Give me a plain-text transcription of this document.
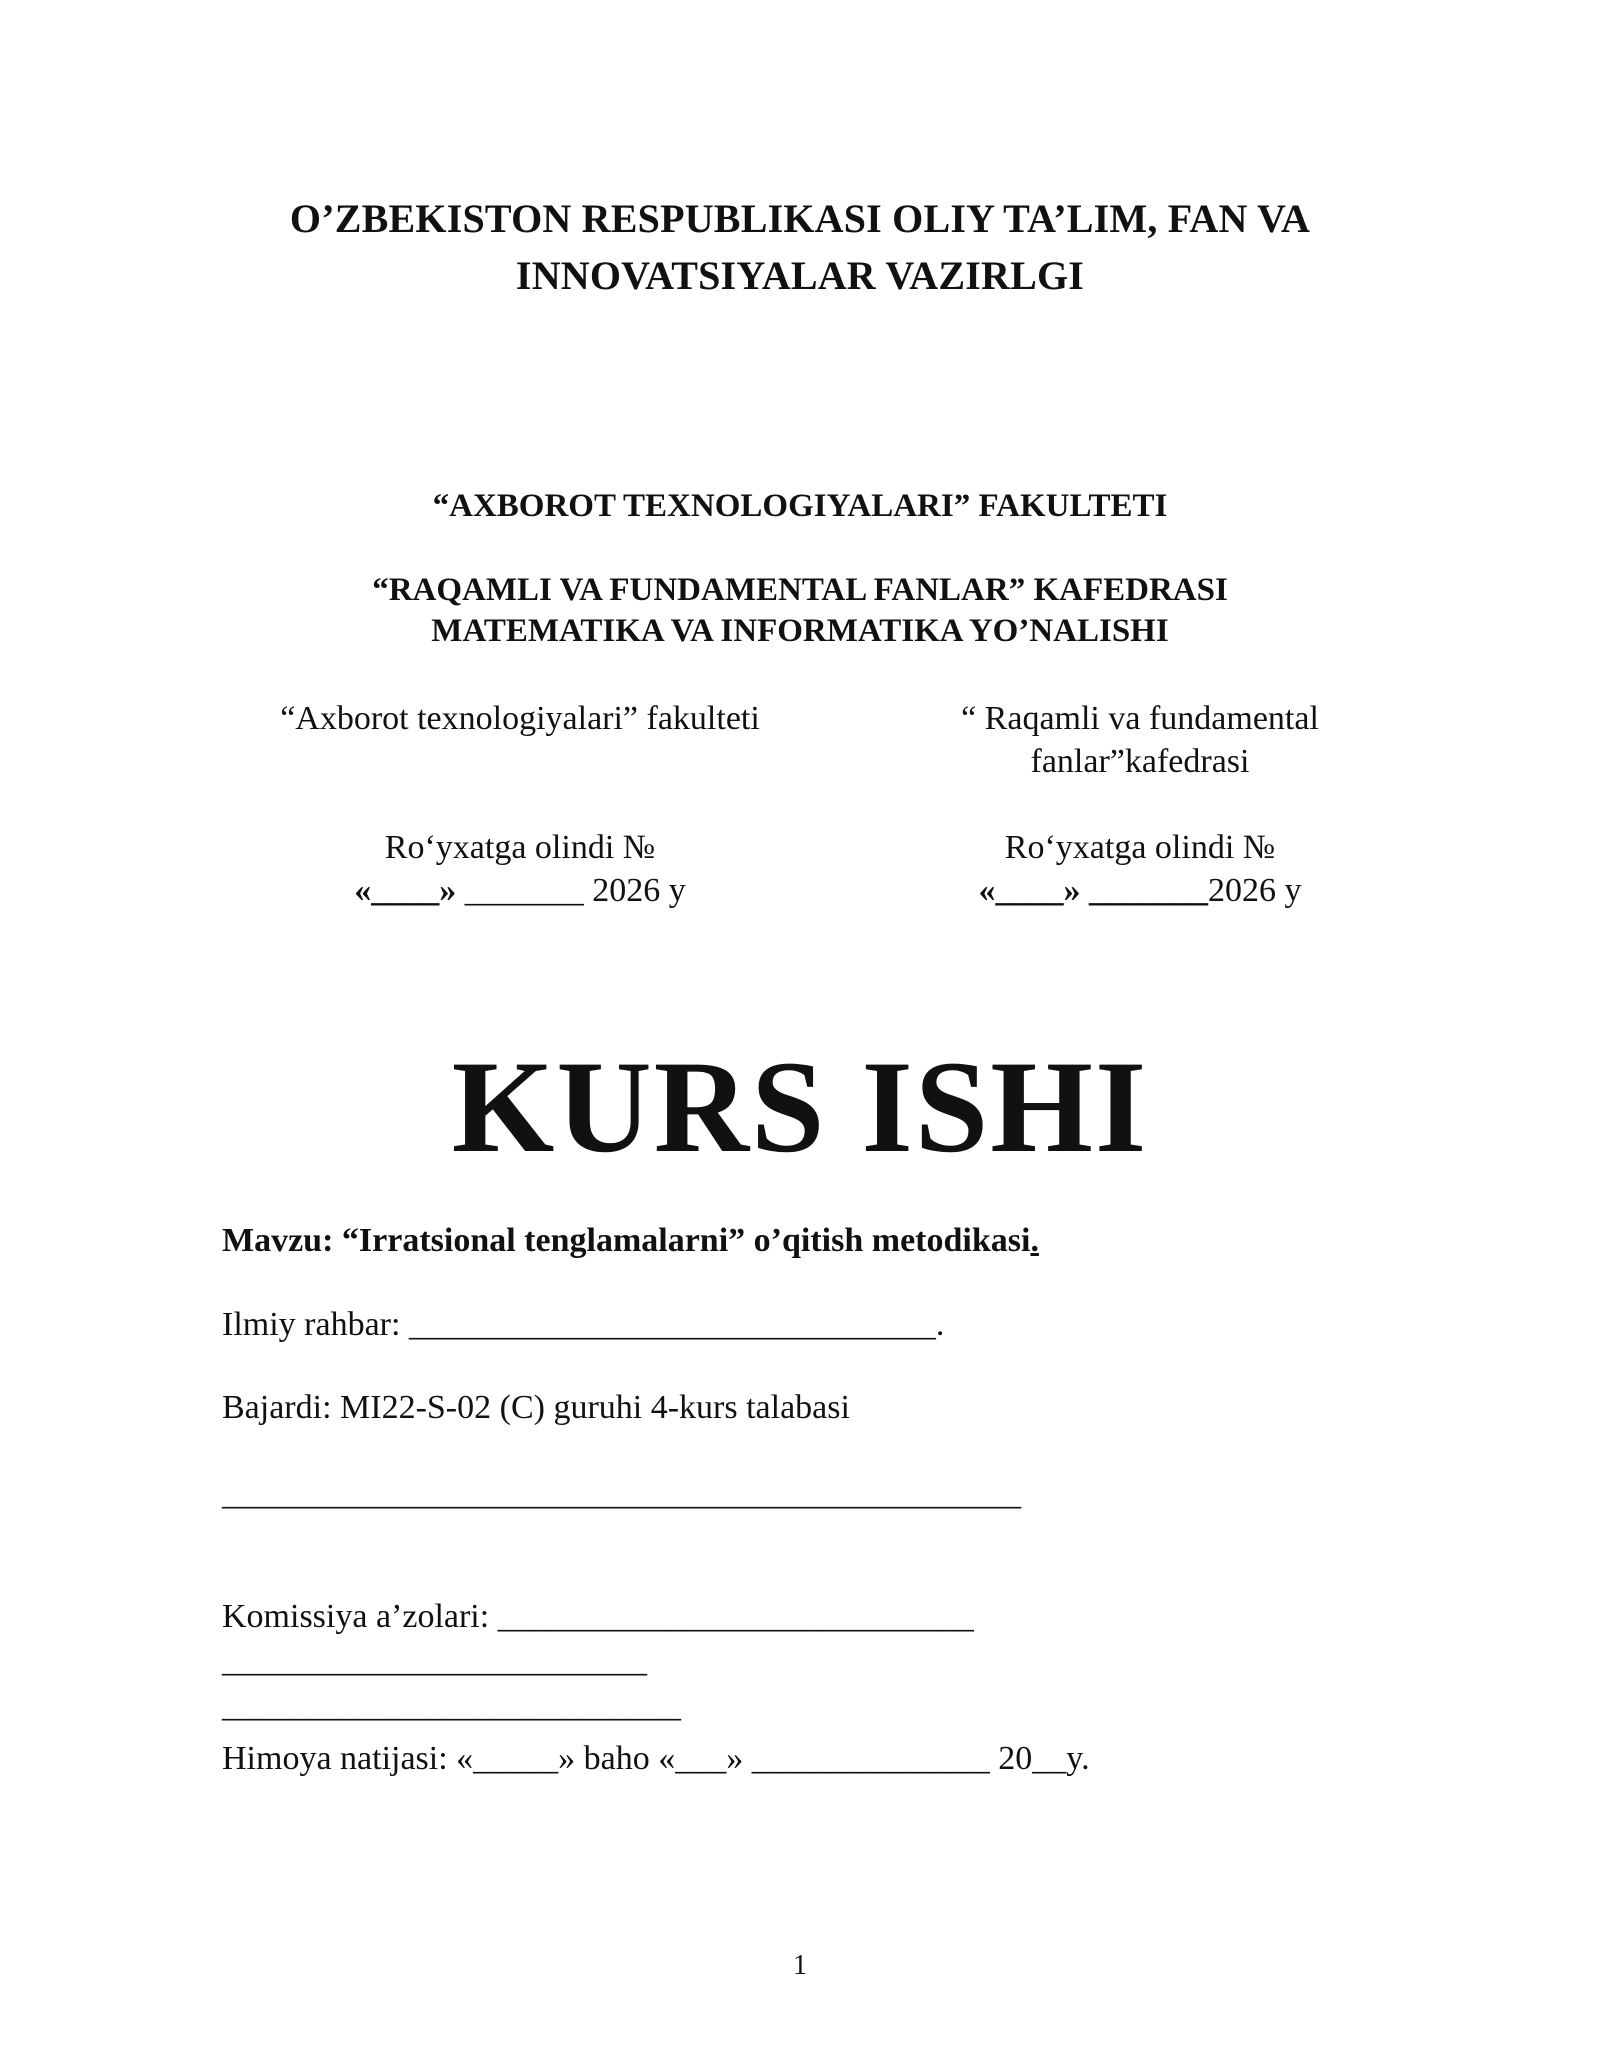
O’ZBEKISTON RESPUBLIKASI OLIY TA’LIM, FAN VA
INNOVATSIYALAR VAZIRLGI
“AXBOROT TEXNOLOGIYALARI” FAKULTETI
“RAQAMLI VA FUNDAMENTAL FANLAR” KAFEDRASI
MATEMATIKA VA INFORMATIKA YO’NALISHI
“Axborot texnologiyalari” fakulteti
Ro‘yxatga olindi №
«____» _______ 2026 y
“ Raqamli va fundamental
fanlar”kafedrasi
Ro‘yxatga olindi №
«____» _______2026 y
KURS ISHI
Mavzu: “Irratsional tenglamalarni” o’qitish metodikasi.
Ilmiy rahbar: _______________________________.
Bajardi: MI22-S-02 (C) guruhi 4-kurs talabasi
_______________________________________________
Komissiya a’zolari: ____________________________
_________________________
___________________________
Himoya natijasi: «_____» baho «___» ______________ 20__y.
1
